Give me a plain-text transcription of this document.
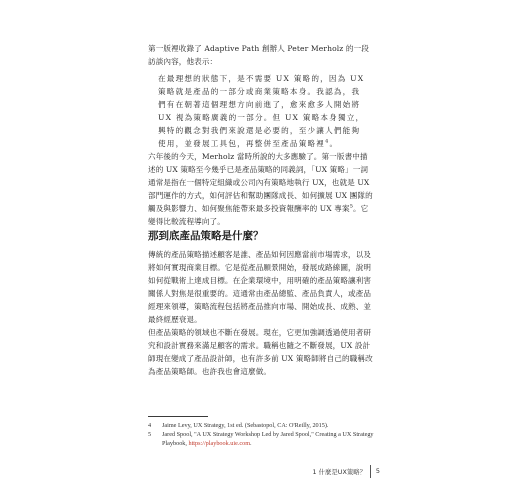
第一版裡收錄了 Adaptive Path 創辦人 Peter Merholz 的一段訪談內容，他表示：

在最理想的狀態下，是不需要 UX 策略的，因為 UX 策略就是產品的一部分或商業策略本身。我認為，我們有在朝著這個理想方向前進了，愈來愈多人開始將 UX 視為策略廣義的一部分。但 UX 策略本身獨立，興特的觀念對我們來說還是必要的，至少讓人們能夠使用，並發展工具包，再整併至產品策略裡$^4$。

六年後的今天，Merholz 當時所說的大多應驗了。第一版書中描述的 UX 策略至今幾乎已是產品策略的同義詞，「UX 策略」一詞通常是指在一個特定組織或公司內有策略地執行 UX，也就是 UX 部門運作的方式，如何評估和幫助團隊成長、如何擴展 UX 團隊的觸及與影響力、如何聚焦能帶來最多投資報酬率的 UX 專案$^5$。它變得比較流程導向了。

那到底產品策略是什麼？

傳統的產品策略描述顧客是誰、產品如何因應當前市場需求，以及將如何實現商業目標。它是從產品願景開始，發展成路線圖，說明如何從戰術上達成目標。在企業環境中，用明確的產品策略讓利害關係人對焦是很重要的。這通常由產品總監、產品負責人，或產品經理來領導，策略流程包括將產品推向市場、開始成長、成熟、並最終經歷衰退。

但產品策略的領域也不斷在發展。現在，它更加強調透過使用者研究和設計實務來滿足顧客的需求。職稱也隨之不斷發展，UX 設計師現在變成了產品設計師，也有許多前 UX 策略師將自己的職稱改為產品策略師。也許我也會這麼做。

4 Jaime Levy, UX Strategy, 1st ed. (Sebastopol, CA: O'Reilly, 2015).
5 Jared Spool, "A UX Strategy Workshop Led by Jared Spool," Creating a UX Strategy Playbook, https://playbook.uie.com.
1 什麼是UX策略？ 5
